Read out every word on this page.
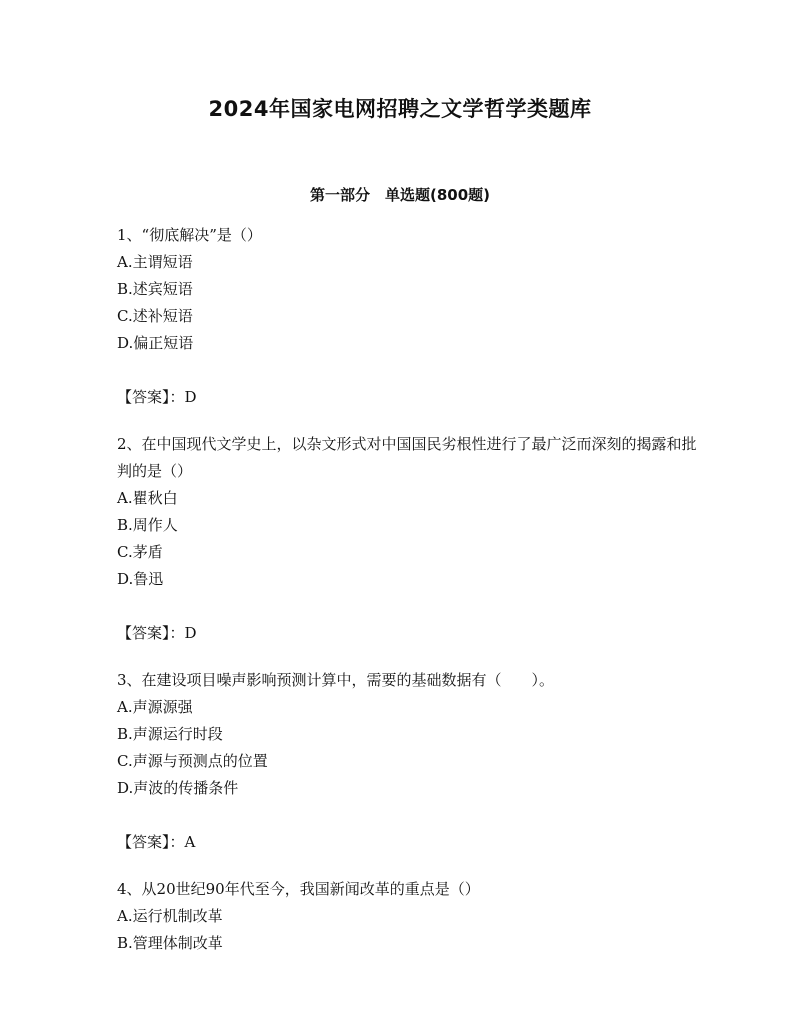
2024年国家电网招聘之文学哲学类题库
第一部分　单选题(800题)

1、“彻底解决”是（）

A.主谓短语

B.述宾短语

C.述补短语

D.偏正短语

【答案】：D

2、在中国现代文学史上，以杂文形式对中国国民劣根性进行了最广泛而深刻的揭露和批判的是（）

A.瞿秋白

B.周作人

C.茅盾

D.鲁迅

【答案】：D

3、在建设项目噪声影响预测计算中，需要的基础数据有（　　）。

A.声源源强

B.声源运行时段

C.声源与预测点的位置

D.声波的传播条件

【答案】：A

4、从20世纪90年代至今，我国新闻改革的重点是（）

A.运行机制改革

B.管理体制改革
